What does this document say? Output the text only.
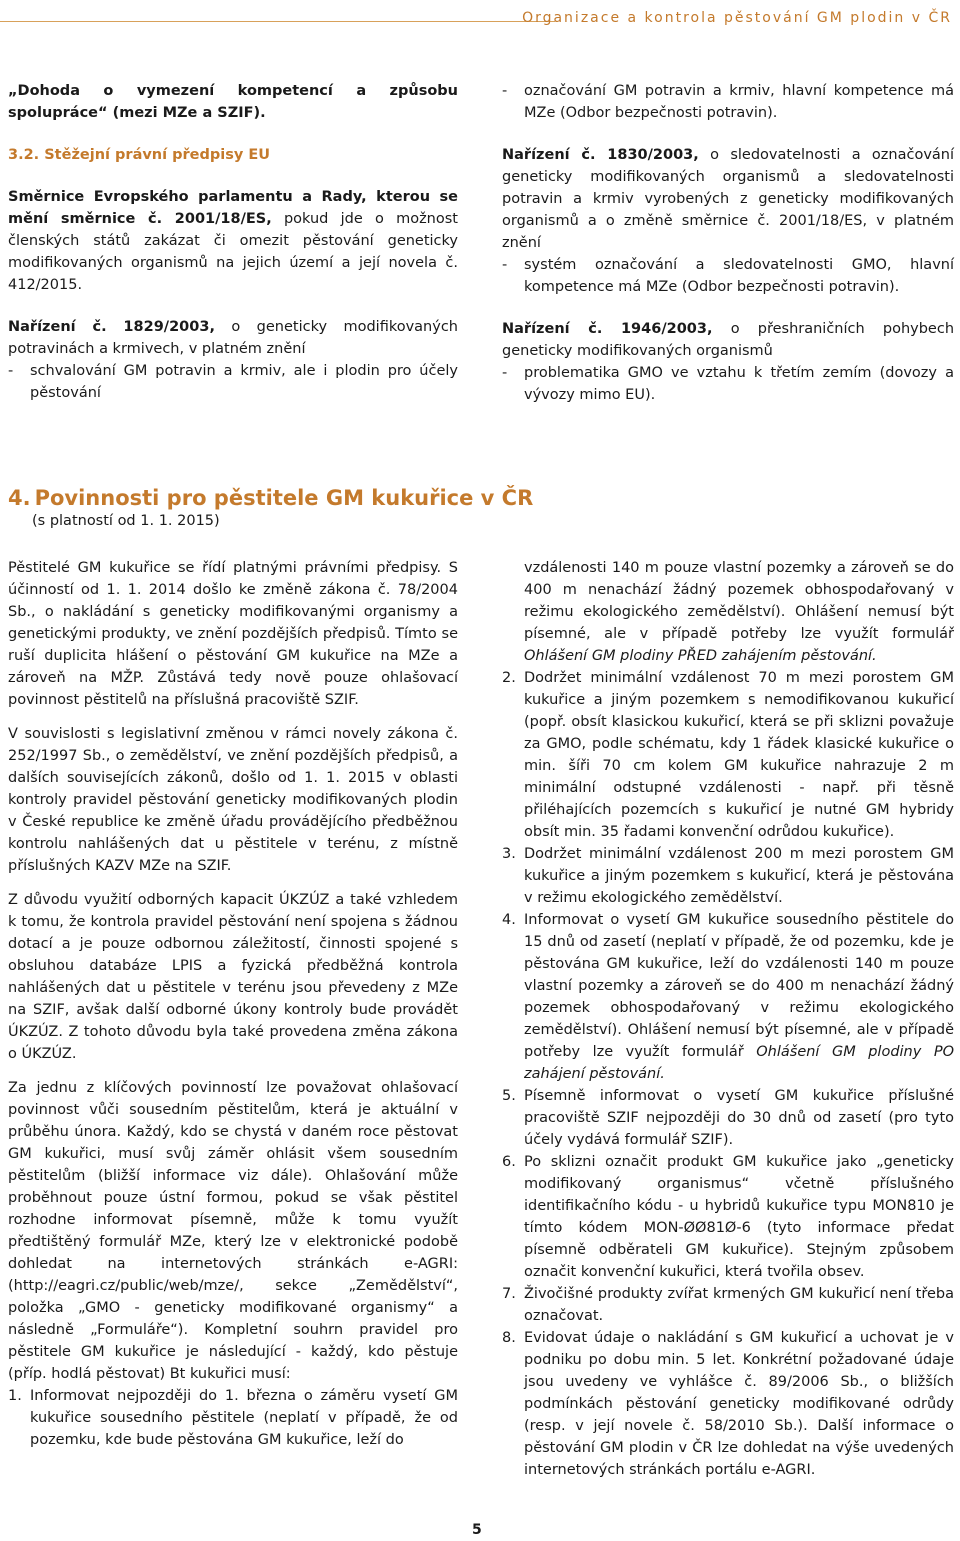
Organizace a kontrola pěstování GM plodin v ČR

„Dohoda o vymezení kompetencí a způsobu spolupráce“ (mezi MZe a SZIF).

3.2. Stěžejní právní předpisy EU

Směrnice Evropského parlamentu a Rady, kterou se mění směrnice č. 2001/18/ES, pokud jde o možnost členských států zakázat či omezit pěstování geneticky modifikovaných organismů na jejich území a její novela č. 412/2015.

Nařízení č. 1829/2003, o geneticky modifikovaných potravinách a krmivech, v platném znění

-	schvalování GM potravin a krmiv, ale i plodin pro účely pěstování
-	označování GM potravin a krmiv, hlavní kompetence má MZe (Odbor bezpečnosti potravin).

Nařízení č. 1830/2003, o sledovatelnosti a označování geneticky modifikovaných organismů a sledovatelnosti potravin a krmiv vyrobených z geneticky modifikovaných organismů a o změně směrnice č. 2001/18/ES, v platném znění

-	systém označování a sledovatelnosti GMO, hlavní kompetence má MZe (Odbor bezpečnosti potravin).

Nařízení č. 1946/2003, o přeshraničních pohybech geneticky modifikovaných organismů

-	problematika GMO ve vztahu k třetím zemím (dovozy a vývozy mimo EU).
4. Povinnosti pro pěstitele GM kukuřice v ČR
(s platností od 1. 1. 2015)

Pěstitelé GM kukuřice se řídí platnými právními předpisy. S účinností od 1. 1. 2014 došlo ke změně zákona č. 78/2004 Sb., o nakládání s geneticky modifikovanými organismy a genetickými produkty, ve znění pozdějších předpisů. Tímto se ruší duplicita hlášení o pěstování GM kukuřice na MZe a zároveň na MŽP. Zůstává tedy nově pouze ohlašovací povinnost pěstitelů na příslušná pracoviště SZIF.

V souvislosti s legislativní změnou v rámci novely zákona č. 252/1997 Sb., o zemědělství, ve znění pozdějších předpisů, a dalších souvisejících zákonů, došlo od 1. 1. 2015 v oblasti kontroly pravidel pěstování geneticky modifikovaných plodin v České republice ke změně úřadu provádějícího předběžnou kontrolu nahlášených dat u pěstitele v terénu, z místně příslušných KAZV MZe na SZIF.

Z důvodu využití odborných kapacit ÚKZÚZ a také vzhledem k tomu, že kontrola pravidel pěstování není spojena s žádnou dotací a je pouze odbornou záležitostí, činnosti spojené s obsluhou databáze LPIS a fyzická předběžná kontrola nahlášených dat u pěstitele v terénu jsou převedeny z MZe na SZIF, avšak další odborné úkony kontroly bude provádět ÚKZÚZ. Z tohoto důvodu byla také provedena změna zákona o ÚKZÚZ.

Za jednu z klíčových povinností lze považovat ohlašovací povinnost vůči sousedním pěstitelům, která je aktuální v průběhu února. Každý, kdo se chystá v daném roce pěstovat GM kukuřici, musí svůj záměr ohlásit všem sousedním pěstitelům (bližší informace viz dále). Ohlašování může proběhnout pouze ústní formou, pokud se však pěstitel rozhodne informovat písemně, může k tomu využít předtištěný formulář MZe, který lze v elektronické podobě dohledat na internetových stránkách e-AGRI: (http://eagri.cz/public/web/mze/, sekce „Zemědělství“, položka „GMO - geneticky modifikované organismy“ a následně „Formuláře“). Kompletní souhrn pravidel pro pěstitele GM kukuřice je následující - každý, kdo pěstuje (příp. hodlá pěstovat) Bt kukuřici musí:

1. Informovat nejpozději do 1. března o záměru vysetí GM kukuřice sousedního pěstitele (neplatí v případě, že od pozemku, kde bude pěstována GM kukuřice, leží do
vzdálenosti 140 m pouze vlastní pozemky a zároveň se do 400 m nenachází žádný pozemek obhospodařovaný v režimu ekologického zemědělství). Ohlášení nemusí být písemné, ale v případě potřeby lze využít formulář Ohlášení GM plodiny PŘED zahájením pěstování.
2. Dodržet minimální vzdálenost 70 m mezi porostem GM kukuřice a jiným pozemkem s nemodifikovanou kukuřicí (popř. obsít klasickou kukuřicí, která se při sklizni považuje za GMO, podle schématu, kdy 1 řádek klasické kukuřice o min. šíři 70 cm kolem GM kukuřice nahrazuje 2 m minimální odstupné vzdálenosti - např. při těsně přiléhajících pozemcích s kukuřicí je nutné GM hybridy obsít min. 35 řadami konvenční odrůdou kukuřice).
3. Dodržet minimální vzdálenost 200 m mezi porostem GM kukuřice a jiným pozemkem s kukuřicí, která je pěstována v režimu ekologického zemědělství.
4. Informovat o vysetí GM kukuřice sousedního pěstitele do 15 dnů od zasetí (neplatí v případě, že od pozemku, kde je pěstována GM kukuřice, leží do vzdálenosti 140 m pouze vlastní pozemky a zároveň se do 400 m nenachází žádný pozemek obhospodařovaný v režimu ekologického zemědělství). Ohlášení nemusí být písemné, ale v případě potřeby lze využít formulář Ohlášení GM plodiny PO zahájení pěstování.
5. Písemně informovat o vysetí GM kukuřice příslušné pracoviště SZIF nejpozději do 30 dnů od zasetí (pro tyto účely vydává formulář SZIF).
6. Po sklizni označit produkt GM kukuřice jako „geneticky modifikovaný organismus“ včetně příslušného identifikačního kódu - u hybridů kukuřice typu MON810 je tímto kódem MON-ØØ81Ø-6 (tyto informace předat písemně odběrateli GM kukuřice). Stejným způsobem označit konvenční kukuřici, která tvořila obsev.
7. Živočišné produkty zvířat krmených GM kukuřicí není třeba označovat.
8. Evidovat údaje o nakládání s GM kukuřicí a uchovat je v podniku po dobu min. 5 let. Konkrétní požadované údaje jsou uvedeny ve vyhlášce č. 89/2006 Sb., o bližších podmínkách pěstování geneticky modifikované odrůdy (resp. v její novele č. 58/2010 Sb.). Další informace o pěstování GM plodin v ČR lze dohledat na výše uvedených internetových stránkách portálu e-AGRI.
5
